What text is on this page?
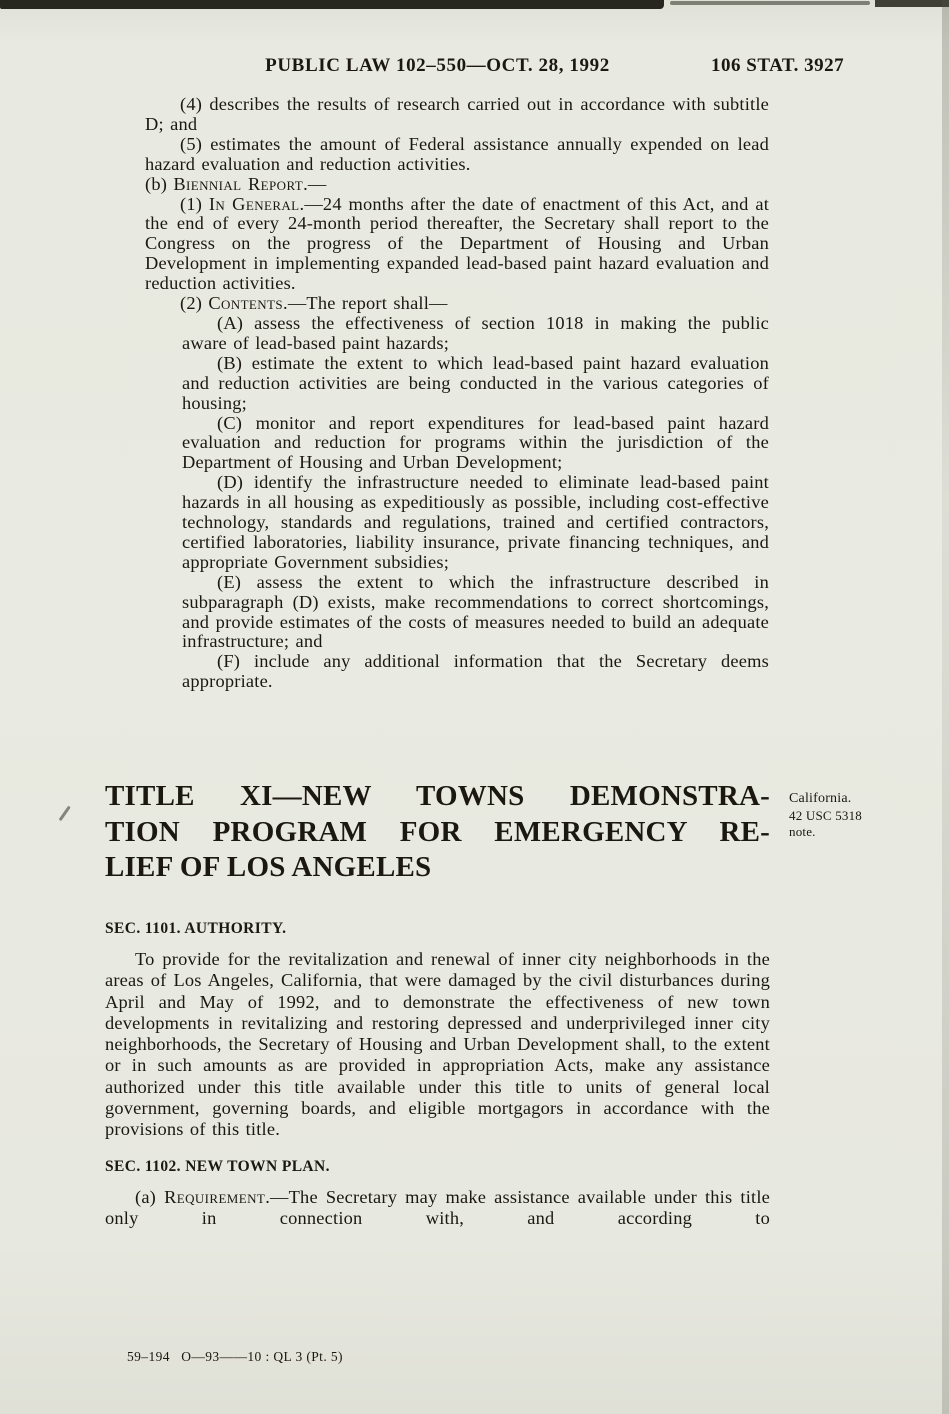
PUBLIC LAW 102–550—OCT. 28, 1992	106 STAT. 3927

(4) describes the results of research carried out in accordance with subtitle D; and

(5) estimates the amount of Federal assistance annually expended on lead hazard evaluation and reduction activities.

(b) Biennial Report.—

(1) In General.—24 months after the date of enactment of this Act, and at the end of every 24-month period thereafter, the Secretary shall report to the Congress on the progress of the Department of Housing and Urban Development in implementing expanded lead-based paint hazard evaluation and reduction activities.

(2) Contents.—The report shall—

(A) assess the effectiveness of section 1018 in making the public aware of lead-based paint hazards;

(B) estimate the extent to which lead-based paint hazard evaluation and reduction activities are being conducted in the various categories of housing;

(C) monitor and report expenditures for lead-based paint hazard evaluation and reduction for programs within the jurisdiction of the Department of Housing and Urban Development;

(D) identify the infrastructure needed to eliminate lead-based paint hazards in all housing as expeditiously as possible, including cost-effective technology, standards and regulations, trained and certified contractors, certified laboratories, liability insurance, private financing techniques, and appropriate Government subsidies;

(E) assess the extent to which the infrastructure described in subparagraph (D) exists, make recommendations to correct shortcomings, and provide estimates of the costs of measures needed to build an adequate infrastructure; and

(F) include any additional information that the Secretary deems appropriate.

TITLE XI—NEW TOWNS DEMONSTRA-
TION PROGRAM FOR EMERGENCY RE-
LIEF OF LOS ANGELES
California.
42 USC 5318
note.
SEC. 1101. AUTHORITY.

To provide for the revitalization and renewal of inner city neighborhoods in the areas of Los Angeles, California, that were damaged by the civil disturbances during April and May of 1992, and to demonstrate the effectiveness of new town developments in revitalizing and restoring depressed and underprivileged inner city neighborhoods, the Secretary of Housing and Urban Development shall, to the extent or in such amounts as are provided in appropriation Acts, make any assistance authorized under this title available under this title to units of general local government, governing boards, and eligible mortgagors in accordance with the provisions of this title.

SEC. 1102. NEW TOWN PLAN.

(a) Requirement.—The Secretary may make assistance available under this title only in connection with, and according to

59–194   O—93——10 : QL 3 (Pt. 5)
